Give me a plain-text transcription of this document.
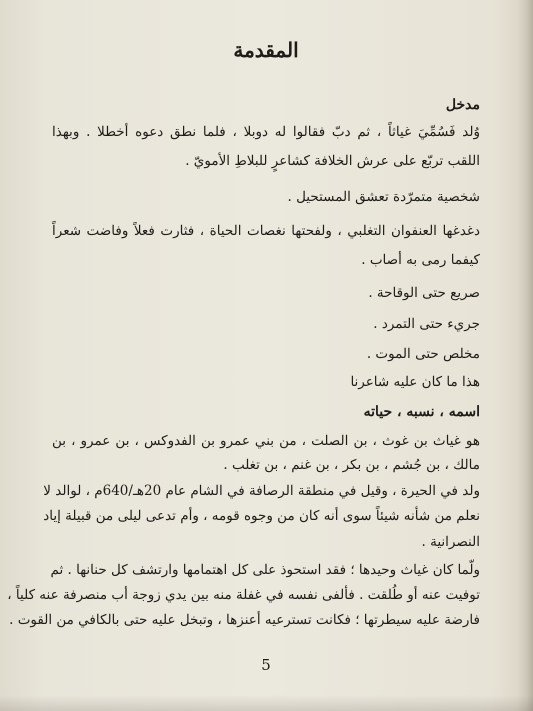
المقدمة
مدخل

وُلد فَسُمِّيَ غياثاً ، ثم دبّ فقالوا له دوبلا ، فلما نطق دعوه أخطلا . وبهذا

اللقب تربّع على عرش الخلافة كشاعرٍ للبلاطِ الأمويّ .

شخصية متمرّدة تعشق المستحيل .

دغدغها العنفوان التغلبي ، ولفحتها نغصات الحياة ، فثارت فعلاً وفاضت شعراً

كيفما رمى به أصاب .

صريع حتى الوقاحة .

جريء حتى التمرد .

مخلص حتى الموت .

هذا ما كان عليه شاعرنا

اسمه ، نسبه ، حياته

هو غياث بن غوث ، بن الصلت ، من بني عمرو بن الفدوكس ، بن عمرو ، بن

مالك ، بن جُشم ، بن بكر ، بن غنم ، بن تغلب .

ولد في الحيرة ، وقيل في منطقة الرصافة في الشام عام 20هـ/640م ، لوالد لا

نعلم من شأنه شيئاً سوى أنه كان من وجوه قومه ، وأم تدعى ليلى من قبيلة إياد

النصرانية .

ولّما كان غياث وحيدها ؛ فقد استحوذ على كل اهتمامها وارتشف كل حنانها . ثم

توفيت عنه أو طُلقت . فألفى نفسه في غفلة منه بين يدي زوجة أب منصرفة عنه كلياً ،

فارضة عليه سيطرتها ؛ فكانت تسترعيه أعنزها ، وتبخل عليه حتى بالكافي من القوت .

5
